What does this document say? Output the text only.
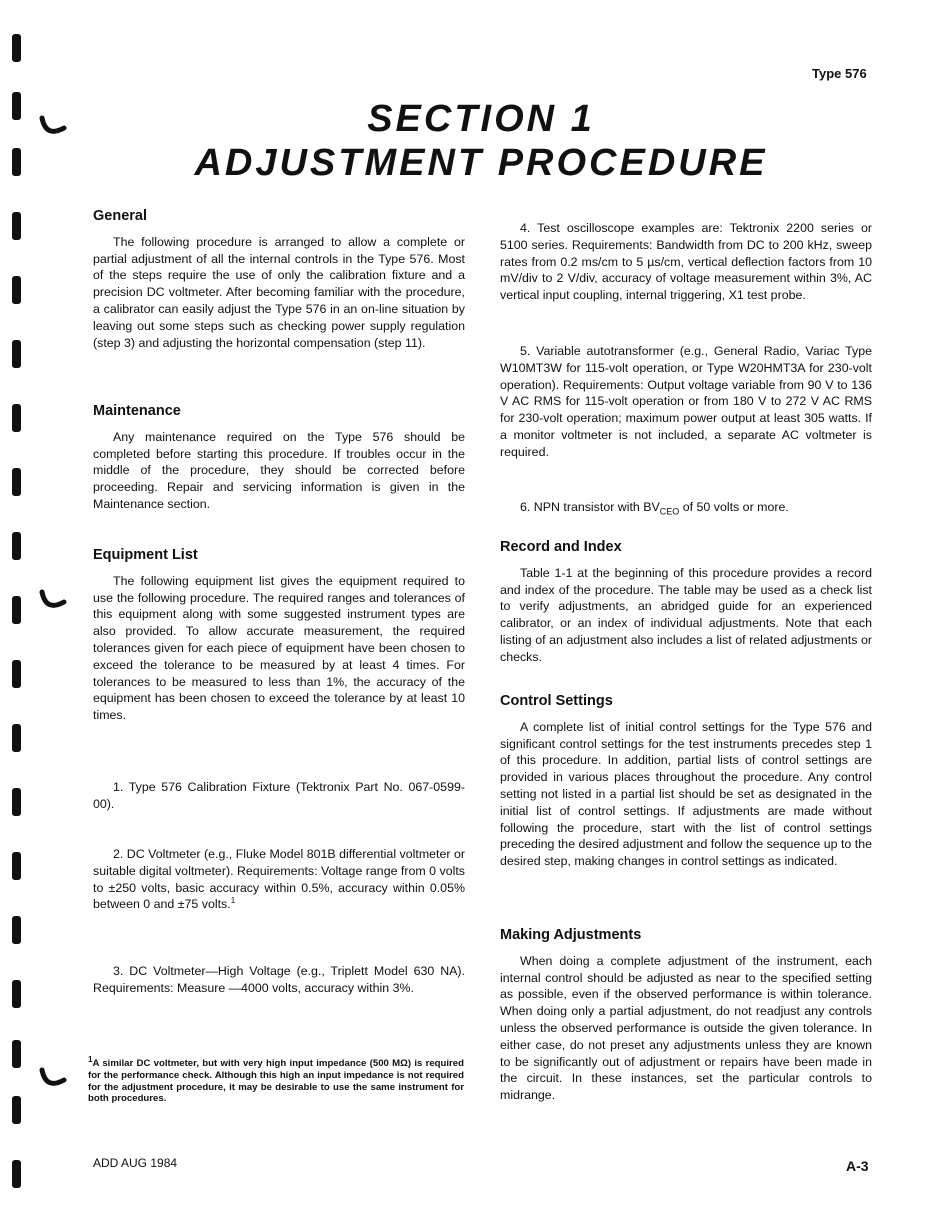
Type 576
SECTION 1
ADJUSTMENT PROCEDURE
General

The following procedure is arranged to allow a complete or partial adjustment of all the internal controls in the Type 576. Most of the steps require the use of only the calibration fixture and a precision DC voltmeter. After becoming familiar with the procedure, a calibrator can easily adjust the Type 576 in an on-line situation by leaving out some steps such as checking power supply regulation (step 3) and adjusting the horizontal compensation (step 11).

Maintenance

Any maintenance required on the Type 576 should be completed before starting this procedure. If troubles occur in the middle of the procedure, they should be corrected before proceeding. Repair and servicing information is given in the Maintenance section.

Equipment List

The following equipment list gives the equipment required to use the following procedure. The required ranges and tolerances of this equipment along with some suggested instrument types are also provided. To allow accurate measurement, the required tolerances given for each piece of equipment have been chosen to exceed the tolerance to be measured by at least 4 times. For tolerances to be measured to less than 1%, the accuracy of the equipment has been chosen to exceed the tolerance by at least 10 times.

1. Type 576 Calibration Fixture (Tektronix Part No. 067-0599-00).

2. DC Voltmeter (e.g., Fluke Model 801B differential voltmeter or suitable digital voltmeter). Requirements: Voltage range from 0 volts to ±250 volts, basic accuracy within 0.5%, accuracy within 0.05% between 0 and ±75 volts.$^1$

3. DC Voltmeter—High Voltage (e.g., Triplett Model 630 NA). Requirements: Measure —4000 volts, accuracy within 3%.

$^1$A similar DC voltmeter, but with very high input impedance (500 MΩ) is required for the performance check. Although this high an input impedance is not required for the adjustment procedure, it may be desirable to use the same instrument for both procedures.

4. Test oscilloscope examples are: Tektronix 2200 series or 5100 series. Requirements: Bandwidth from DC to 200 kHz, sweep rates from 0.2 ms/cm to 5 µs/cm, vertical deflection factors from 10 mV/div to 2 V/div, accuracy of voltage measurement within 3%, AC vertical input coupling, internal triggering, X1 test probe.

5. Variable autotransformer (e.g., General Radio, Variac Type W10MT3W for 115-volt operation, or Type W20HMT3A for 230-volt operation). Requirements: Output voltage variable from 90 V to 136 V AC RMS for 115-volt operation or from 180 V to 272 V AC RMS for 230-volt operation; maximum power output at least 305 watts. If a monitor voltmeter is not included, a separate AC voltmeter is required.

6. NPN transistor with $BV_{CEO}$ of 50 volts or more.

Record and Index

Table 1-1 at the beginning of this procedure provides a record and index of the procedure. The table may be used as a check list to verify adjustments, an abridged guide for an experienced calibrator, or an index of individual adjustments. Note that each listing of an adjustment also includes a list of related adjustments or checks.

Control Settings

A complete list of initial control settings for the Type 576 and significant control settings for the test instruments precedes step 1 of this procedure. In addition, partial lists of control settings are provided in various places throughout the procedure. Any control setting not listed in a partial list should be set as designated in the initial list of control settings. If adjustments are made without following the procedure, start with the list of control settings preceding the desired adjustment and follow the sequence up to the desired step, making changes in control settings as indicated.

Making Adjustments

When doing a complete adjustment of the instrument, each internal control should be adjusted as near to the specified setting as possible, even if the observed performance is within tolerance. When doing only a partial adjustment, do not readjust any controls unless the observed performance is outside the given tolerance. In either case, do not preset any adjustments unless they are known to be significantly out of adjustment or repairs have been made in the circuit. In these instances, set the particular controls to midrange.

ADD AUG 1984	A-3
